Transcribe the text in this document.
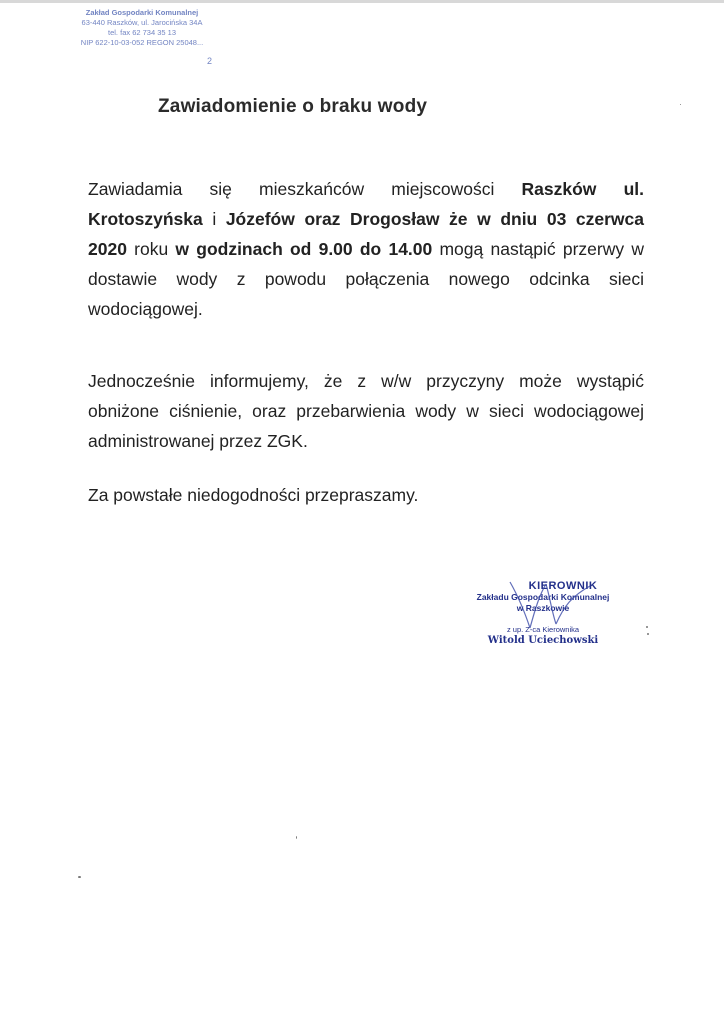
Zakład Gospodarki Komunalnej
63-440 Raszków, ul. Jarocińska 34A
tel. fax 62 734 35 13
NIP 622-10-03-052 REGON 25048...
2
Zawiadomienie o braku wody
Zawiadamia się mieszkańców miejscowości Raszków ul. Krotoszyńska i Józefów oraz Drogosław że w dniu 03 czerwca 2020 roku w godzinach od 9.00 do 14.00 mogą nastąpić przerwy w dostawie wody z powodu połączenia nowego odcinka sieci wodociągowej.
Jednocześnie informujemy, że z w/w przyczyny może wystąpić obniżone ciśnienie, oraz przebarwienia wody w sieci wodociągowej administrowanej przez ZGK.
Za powstałe niedogodności przepraszamy.
KIEROWNIK
Zakładu Gospodarki Komunalnej
w Raszkowie
z up. Z-ca Kierownika
Witold Uciechowski
